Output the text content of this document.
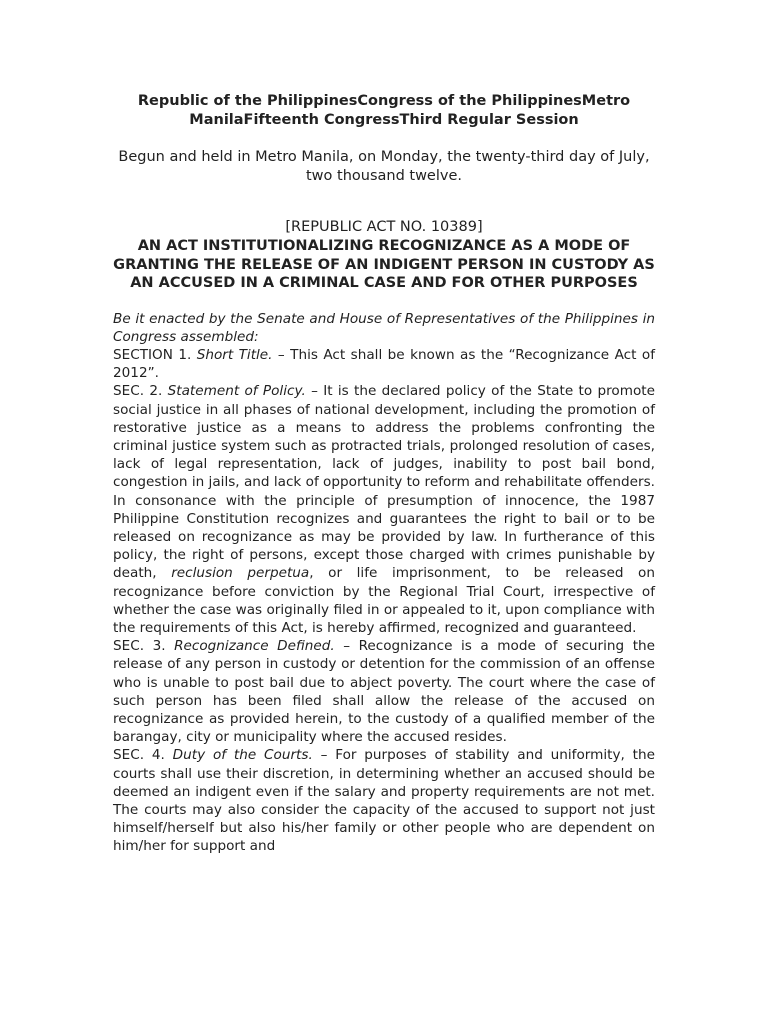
Republic of the PhilippinesCongress of the PhilippinesMetro ManilaFifteenth CongressThird Regular Session
Begun and held in Metro Manila, on Monday, the twenty-third day of July, two thousand twelve.
[REPUBLIC ACT NO. 10389]
AN ACT INSTITUTIONALIZING RECOGNIZANCE AS A MODE OF GRANTING THE RELEASE OF AN INDIGENT PERSON IN CUSTODY AS AN ACCUSED IN A CRIMINAL CASE AND FOR OTHER PURPOSES

Be it enacted by the Senate and House of Representatives of the Philippines in Congress assembled:

SECTION 1. Short Title. – This Act shall be known as the “Recognizance Act of 2012”.

SEC. 2. Statement of Policy. – It is the declared policy of the State to promote social justice in all phases of national development, including the promotion of restorative justice as a means to address the problems confronting the criminal justice system such as protracted trials, prolonged resolution of cases, lack of legal representation, lack of judges, inability to post bail bond, congestion in jails, and lack of opportunity to reform and rehabilitate offenders. In consonance with the principle of presumption of innocence, the 1987 Philippine Constitution recognizes and guarantees the right to bail or to be released on recognizance as may be provided by law. In furtherance of this policy, the right of persons, except those charged with crimes punishable by death, reclusion perpetua, or life imprisonment, to be released on recognizance before conviction by the Regional Trial Court, irrespective of whether the case was originally filed in or appealed to it, upon compliance with the requirements of this Act, is hereby affirmed, recognized and guaranteed.

SEC. 3. Recognizance Defined. – Recognizance is a mode of securing the release of any person in custody or detention for the commission of an offense who is unable to post bail due to abject poverty. The court where the case of such person has been filed shall allow the release of the accused on recognizance as provided herein, to the custody of a qualified member of the barangay, city or municipality where the accused resides.

SEC. 4. Duty of the Courts. – For purposes of stability and uniformity, the courts shall use their discretion, in determining whether an accused should be deemed an indigent even if the salary and property requirements are not met. The courts may also consider the capacity of the accused to support not just himself/herself but also his/her family or other people who are dependent on him/her for support and
